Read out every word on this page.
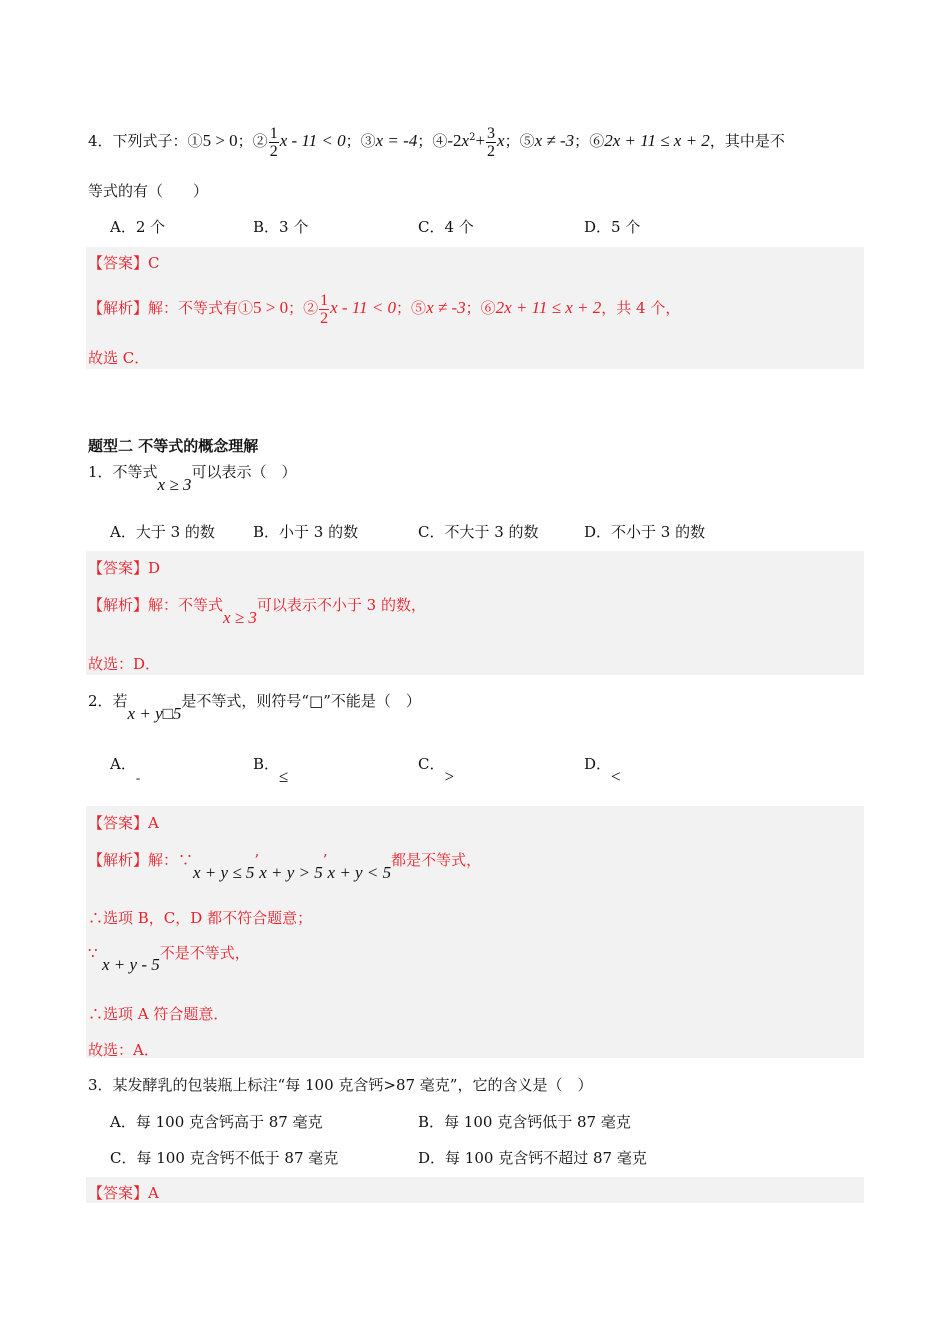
4．下列式子：①5 > 0；② $\frac{1}{2}$ x - 11 < 0；③x = -4；$④-2x^2+ \frac{3}{2}$ x；⑤x ≠ -3；⑥2x + 11 ≤ x + 2，其中是不
等式的有（　　）
A．2 个	B．3 个	C．4 个	D．5 个
【答案】C
【解析】解：不等式有①5 > 0；② $\frac{1}{2}$ x - 11 < 0；⑤x ≠ -3；⑥2x + 11 ≤ x + 2，共 4 个，
故选 C．
题型二 不等式的概念理解
1．不等式x ≥ 3可以表示（　）
A．大于 3 的数	B．小于 3 的数	C．不大于 3 的数	D．不小于 3 的数
【答案】D
【解析】解：不等式x ≥ 3可以表示不小于 3 的数，
故选：D．
2．若x + y□5是不等式，则符号“□”不能是（　）
A．-
B．≤
C．>
D．<
【答案】A
【解析】解：∵x + y ≤ 5’x + y > 5’x + y < 5都是不等式，
∴选项 B，C，D 都不符合题意；
∵
x + y - 5不是不等式，
∴选项 A 符合题意．
故选：A．
3．某发酵乳的包装瓶上标注“每 100 克含钙>87 毫克”，它的含义是（　）
A．每 100 克含钙高于 87 毫克	B．每 100 克含钙低于 87 毫克
C．每 100 克含钙不低于 87 毫克	D．每 100 克含钙不超过 87 毫克
【答案】A
